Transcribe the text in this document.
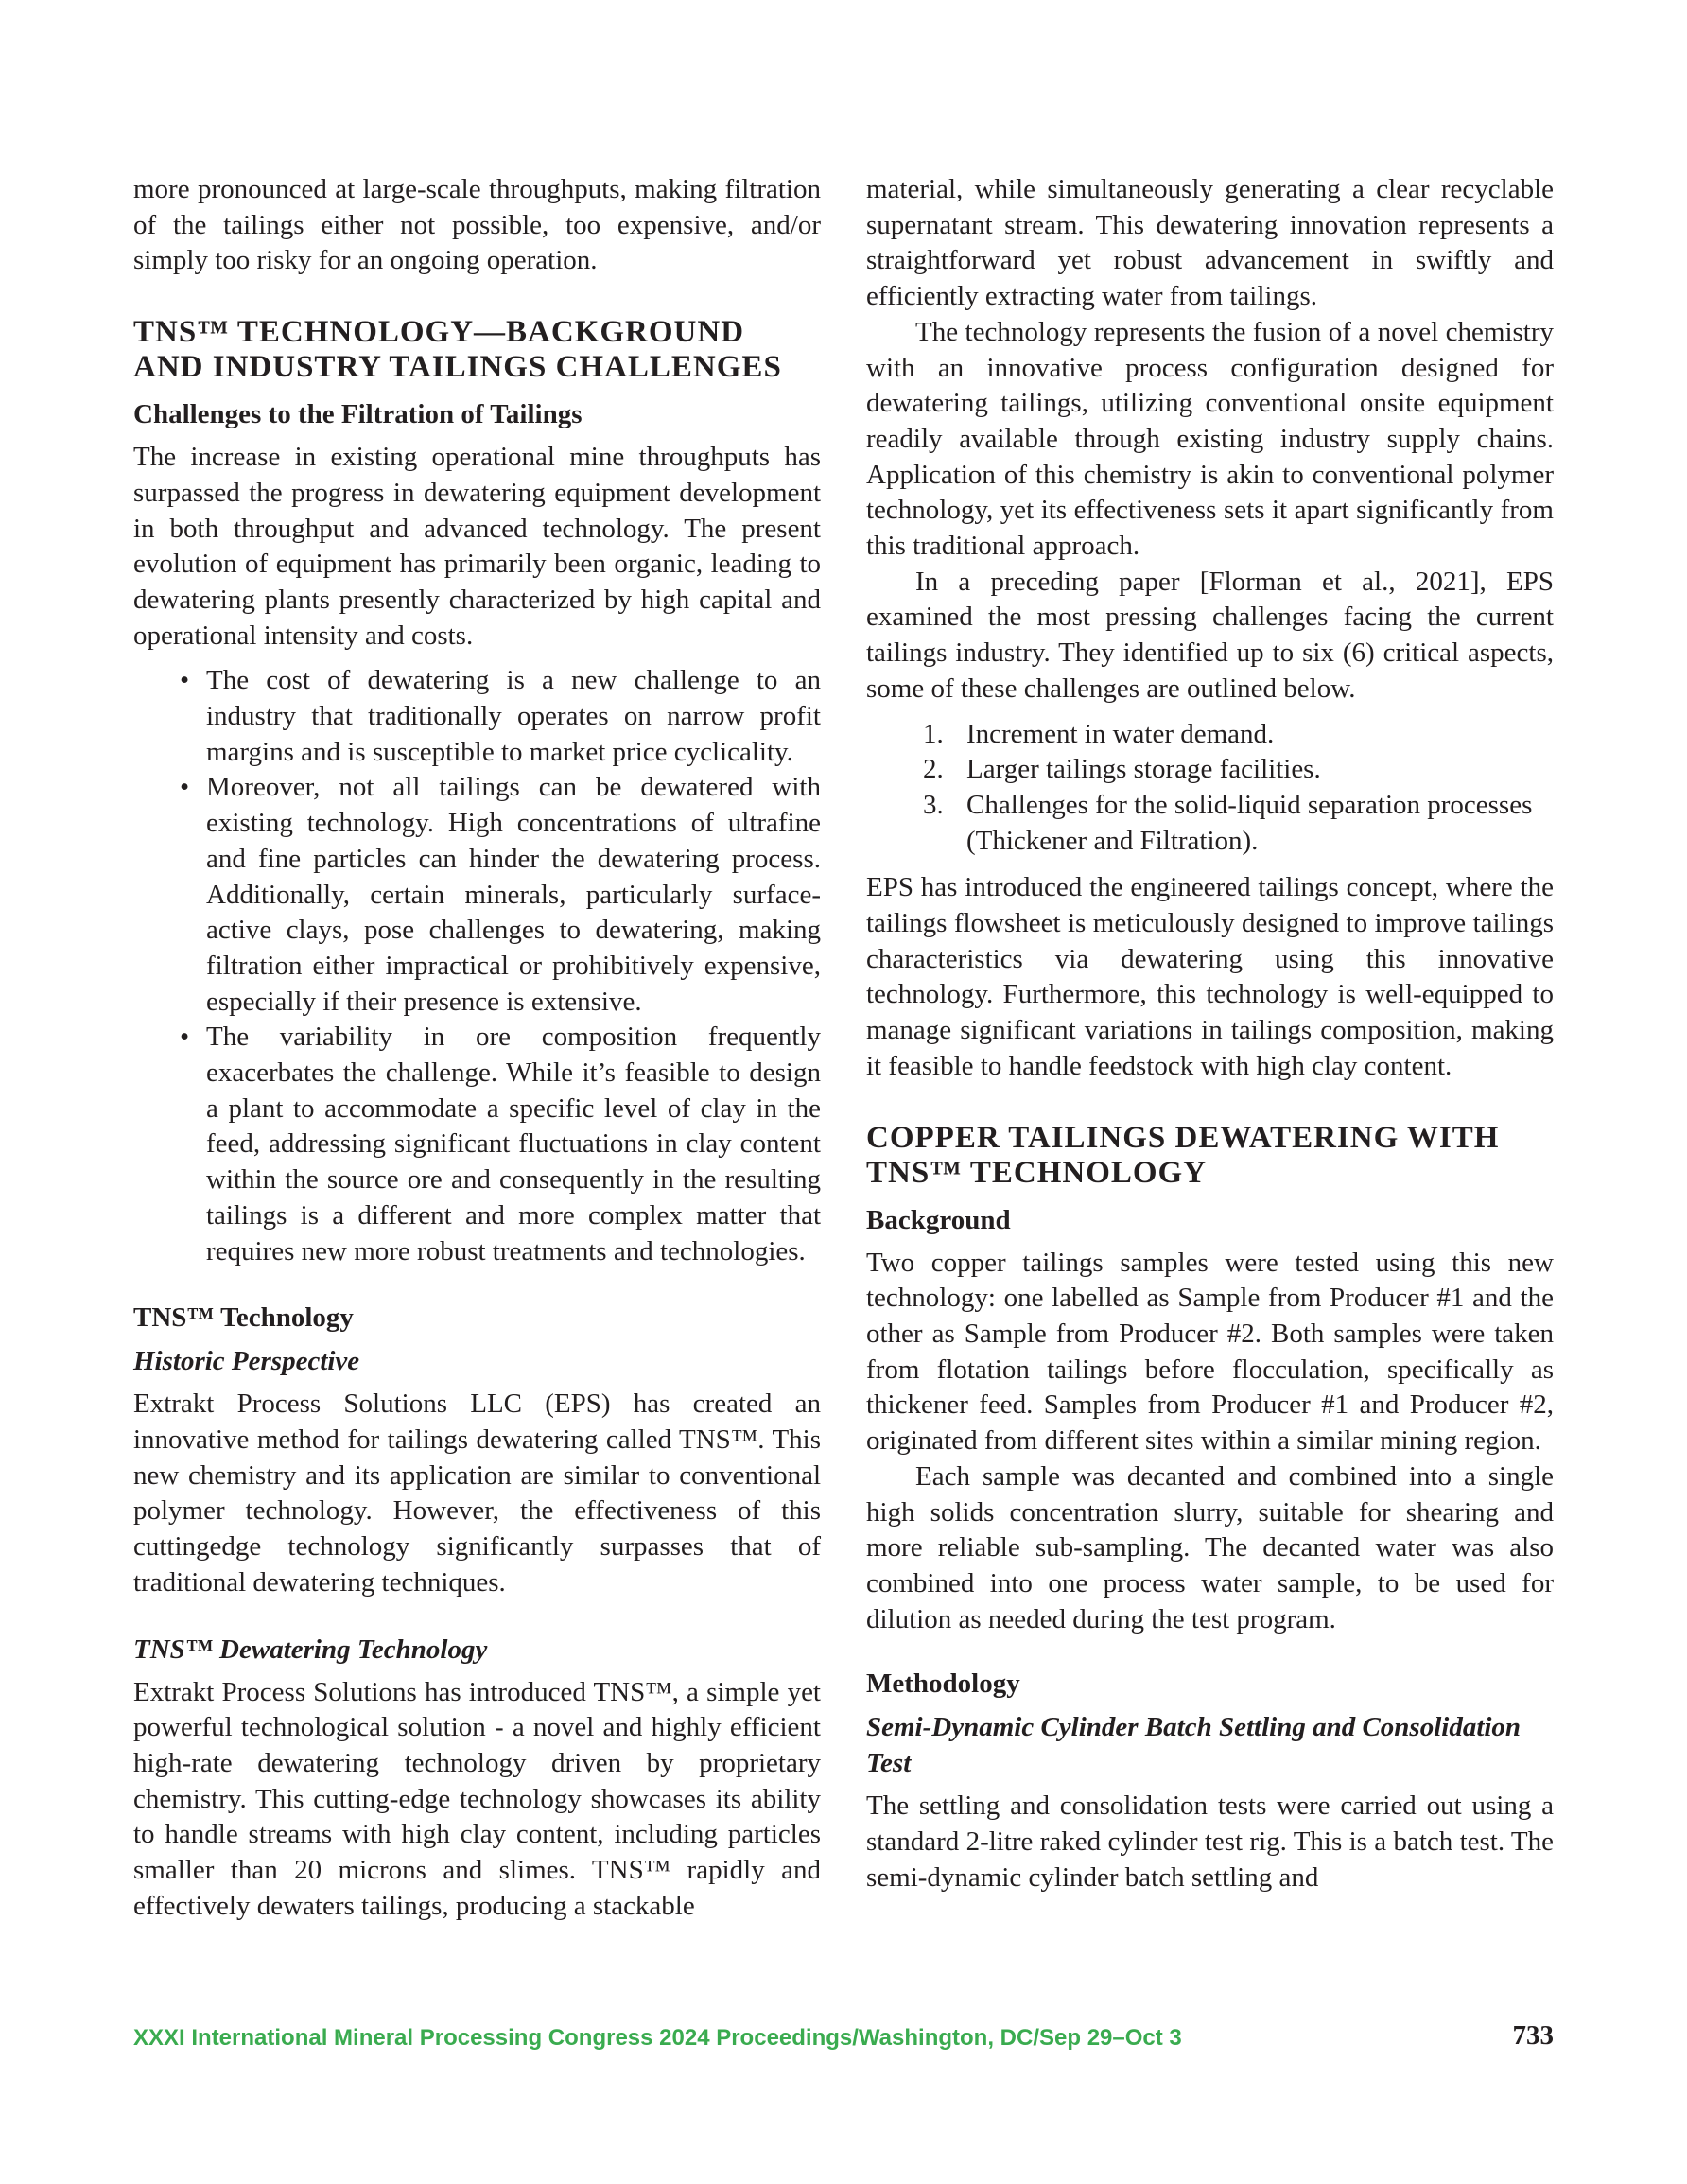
more pronounced at large-scale throughputs, making filtration of the tailings either not possible, too expensive, and/or simply too risky for an ongoing operation.

TNS™ TECHNOLOGY—BACKGROUND AND INDUSTRY TAILINGS CHALLENGES
Challenges to the Filtration of Tailings

The increase in existing operational mine throughputs has surpassed the progress in dewatering equipment development in both throughput and advanced technology. The present evolution of equipment has primarily been organic, leading to dewatering plants presently characterized by high capital and operational intensity and costs.

• The cost of dewatering is a new challenge to an industry that traditionally operates on narrow profit margins and is susceptible to market price cyclicality.
• Moreover, not all tailings can be dewatered with existing technology. High concentrations of ultrafine and fine particles can hinder the dewatering process. Additionally, certain minerals, particularly surface-active clays, pose challenges to dewatering, making filtration either impractical or prohibitively expensive, especially if their presence is extensive.
• The variability in ore composition frequently exacerbates the challenge. While it’s feasible to design a plant to accommodate a specific level of clay in the feed, addressing significant fluctuations in clay content within the source ore and consequently in the resulting tailings is a different and more complex matter that requires new more robust treatments and technologies.
TNS™ Technology
Historic Perspective

Extrakt Process Solutions LLC (EPS) has created an innovative method for tailings dewatering called TNS™. This new chemistry and its application are similar to conventional polymer technology. However, the effectiveness of this cuttingedge technology significantly surpasses that of traditional dewatering techniques.

TNS™ Dewatering Technology

Extrakt Process Solutions has introduced TNS™, a simple yet powerful technological solution - a novel and highly efficient high-rate dewatering technology driven by proprietary chemistry. This cutting-edge technology showcases its ability to handle streams with high clay content, including particles smaller than 20 microns and slimes. TNS™ rapidly and effectively dewaters tailings, producing a stackable

material, while simultaneously generating a clear recyclable supernatant stream. This dewatering innovation represents a straightforward yet robust advancement in swiftly and efficiently extracting water from tailings.

The technology represents the fusion of a novel chemistry with an innovative process configuration designed for dewatering tailings, utilizing conventional onsite equipment readily available through existing industry supply chains. Application of this chemistry is akin to conventional polymer technology, yet its effectiveness sets it apart significantly from this traditional approach.

In a preceding paper [Florman et al., 2021], EPS examined the most pressing challenges facing the current tailings industry. They identified up to six (6) critical aspects, some of these challenges are outlined below.

1. Increment in water demand.
2. Larger tailings storage facilities.
3. Challenges for the solid-liquid separation processes (Thickener and Filtration).

EPS has introduced the engineered tailings concept, where the tailings flowsheet is meticulously designed to improve tailings characteristics via dewatering using this innovative technology. Furthermore, this technology is well-equipped to manage significant variations in tailings composition, making it feasible to handle feedstock with high clay content.

COPPER TAILINGS DEWATERING WITH TNS™ TECHNOLOGY
Background

Two copper tailings samples were tested using this new technology: one labelled as Sample from Producer #1 and the other as Sample from Producer #2. Both samples were taken from flotation tailings before flocculation, specifically as thickener feed. Samples from Producer #1 and Producer #2, originated from different sites within a similar mining region.

Each sample was decanted and combined into a single high solids concentration slurry, suitable for shearing and more reliable sub-sampling. The decanted water was also combined into one process water sample, to be used for dilution as needed during the test program.

Methodology
Semi-Dynamic Cylinder Batch Settling and Consolidation Test

The settling and consolidation tests were carried out using a standard 2-litre raked cylinder test rig. This is a batch test. The semi-dynamic cylinder batch settling and

XXXI International Mineral Processing Congress 2024 Proceedings/Washington, DC/Sep 29–Oct 3	733
